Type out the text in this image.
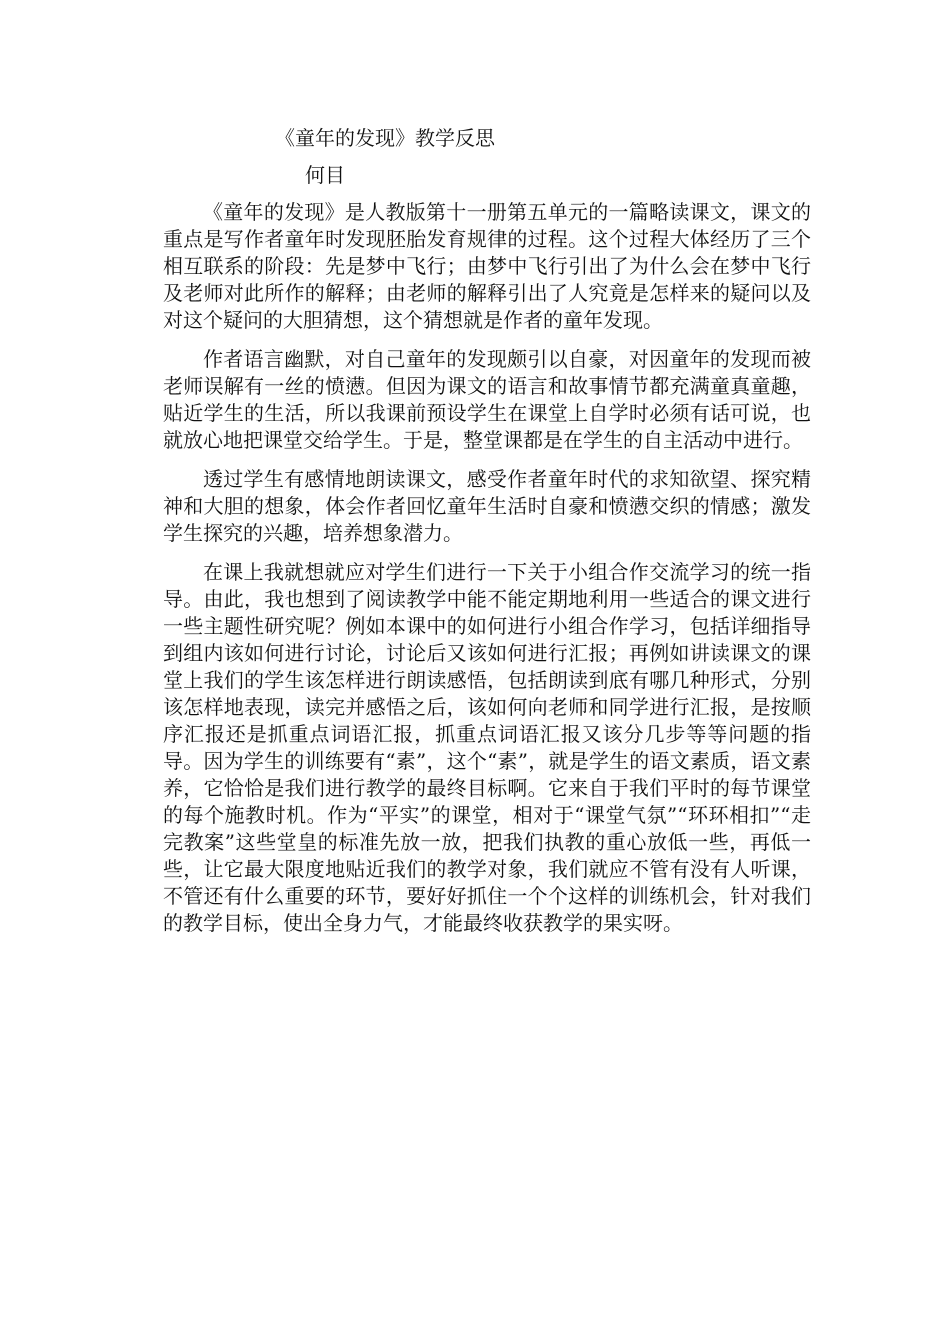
《童年的发现》教学反思
何目

《童年的发现》是人教版第十一册第五单元的一篇略读课文，课文的重点是写作者童年时发现胚胎发育规律的过程。这个过程大体经历了三个相互联系的阶段：先是梦中飞行；由梦中飞行引出了为什么会在梦中飞行及老师对此所作的解释；由老师的解释引出了人究竟是怎样来的疑问以及对这个疑问的大胆猜想，这个猜想就是作者的童年发现。

作者语言幽默，对自己童年的发现颇引以自豪，对因童年的发现而被老师误解有一丝的愤懑。但因为课文的语言和故事情节都充满童真童趣，贴近学生的生活，所以我课前预设学生在课堂上自学时必须有话可说，也就放心地把课堂交给学生。于是，整堂课都是在学生的自主活动中进行。

透过学生有感情地朗读课文，感受作者童年时代的求知欲望、探究精神和大胆的想象，体会作者回忆童年生活时自豪和愤懑交织的情感；激发学生探究的兴趣，培养想象潜力。

在课上我就想就应对学生们进行一下关于小组合作交流学习的统一指导。由此，我也想到了阅读教学中能不能定期地利用一些适合的课文进行一些主题性研究呢？例如本课中的如何进行小组合作学习，包括详细指导到组内该如何进行讨论，讨论后又该如何进行汇报；再例如讲读课文的课堂上我们的学生该怎样进行朗读感悟，包括朗读到底有哪几种形式，分别该怎样地表现，读完并感悟之后，该如何向老师和同学进行汇报，是按顺序汇报还是抓重点词语汇报，抓重点词语汇报又该分几步等等问题的指导。因为学生的训练要有“素”，这个“素”，就是学生的语文素质，语文素养，它恰恰是我们进行教学的最终目标啊。它来自于我们平时的每节课堂的每个施教时机。作为“平实”的课堂，相对于“课堂气氛”“环环相扣”“走完教案”这些堂皇的标准先放一放，把我们执教的重心放低一些，再低一些，让它最大限度地贴近我们的教学对象，我们就应不管有没有人听课，不管还有什么重要的环节，要好好抓住一个个这样的训练机会，针对我们的教学目标，使出全身力气，才能最终收获教学的果实呀。
